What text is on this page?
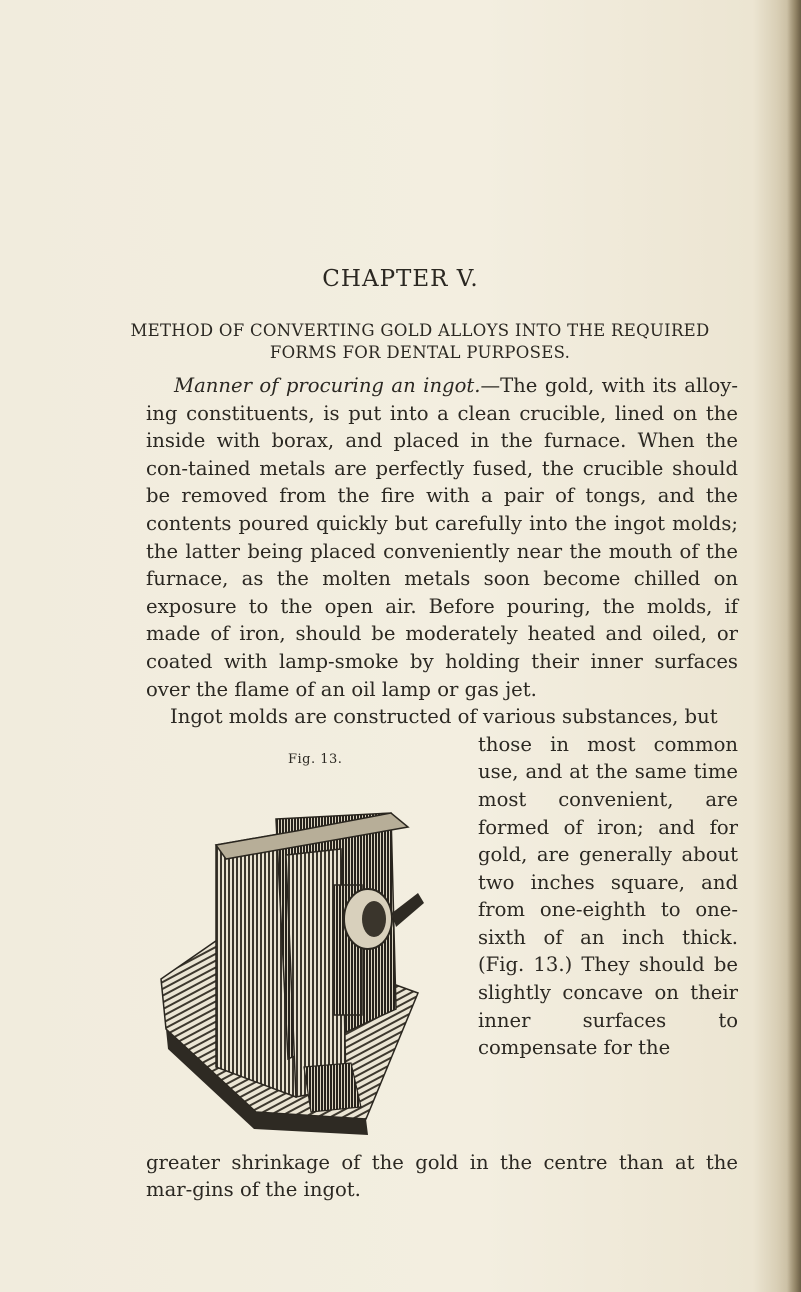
CHAPTER V.
METHOD OF CONVERTING GOLD ALLOYS INTO THE REQUIRED
FORMS FOR DENTAL PURPOSES.

Manner of procuring an ingot.—The gold, with its alloy-ing constituents, is put into a clean crucible, lined on the inside with borax, and placed in the furnace. When the con-tained metals are perfectly fused, the crucible should be removed from the fire with a pair of tongs, and the contents poured quickly but carefully into the ingot molds; the latter being placed conveniently near the mouth of the furnace, as the molten metals soon become chilled on exposure to the open air. Before pouring, the molds, if made of iron, should be moderately heated and oiled, or coated with lamp-smoke by holding their inner surfaces over the flame of an oil lamp or gas jet.

Ingot molds are constructed of various substances, but

Fig. 13.

those in most common use, and at the same time most convenient, are formed of iron; and for gold, are generally about two inches square, and from one-eighth to one-sixth of an inch thick. (Fig. 13.) They should be slightly concave on their inner surfaces to compensate for the

greater shrinkage of the gold in the centre than at the mar-gins of the ingot.
